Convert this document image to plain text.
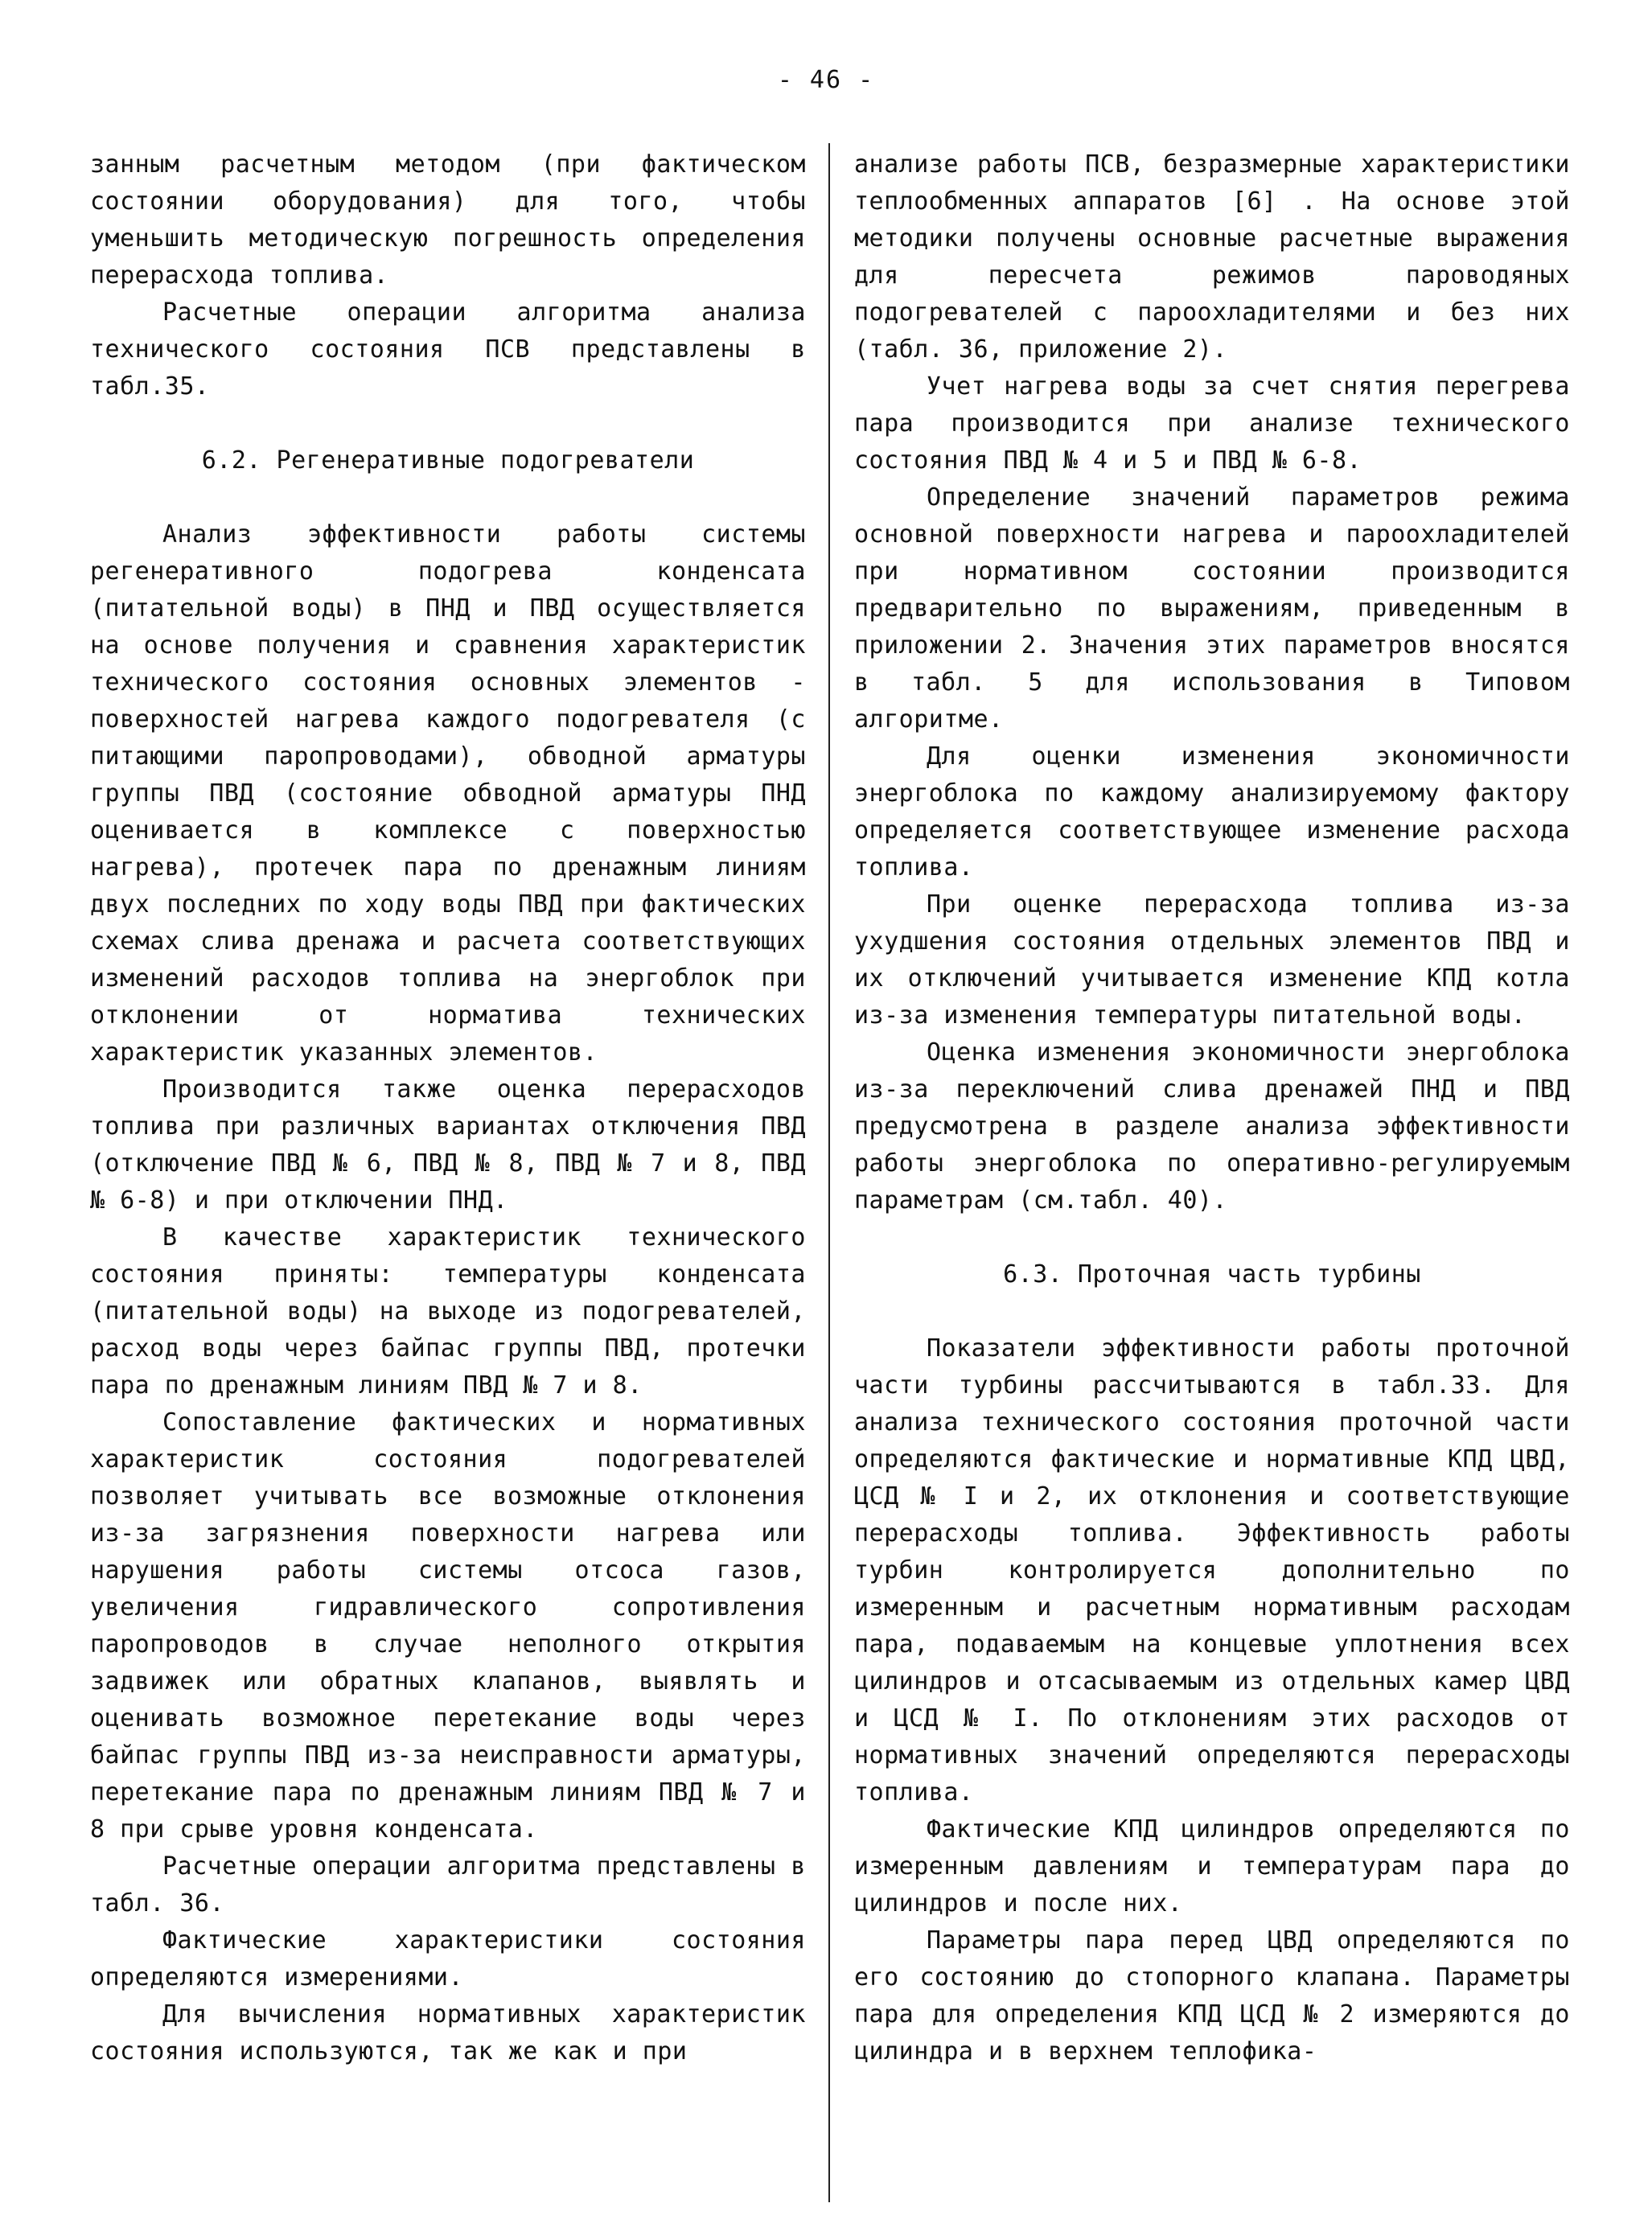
- 46 -

занным расчетным методом (при фактическом состоянии оборудования) для того, чтобы уменьшить методическую погрешность определения перерасхода топлива.

Расчетные операции алгоритма анализа технического состояния ПСВ представлены в табл.35.

6.2. Регенеративные подогреватели

Анализ эффективности работы системы регенеративного подогрева конденсата (питательной воды) в ПНД и ПВД осуществляется на основе получения и сравнения характеристик технического состояния основных элементов - поверхностей нагрева каждого подогревателя (с питающими паропроводами), обводной арматуры группы ПВД (состояние обводной арматуры ПНД оценивается в комплексе с поверхностью нагрева), протечек пара по дренажным линиям двух последних по ходу воды ПВД при фактических схемах слива дренажа и расчета соответствующих изменений расходов топлива на энергоблок при отклонении от норматива технических характеристик указанных элементов.

Производится также оценка перерасходов топлива при различных вариантах отключения ПВД (отключение ПВД № 6, ПВД № 8, ПВД № 7 и 8, ПВД № 6-8) и при отключении ПНД.

В качестве характеристик технического состояния приняты: температуры конденсата (питательной воды) на выходе из подогревателей, расход воды через байпас группы ПВД, протечки пара по дренажным линиям ПВД № 7 и 8.

Сопоставление фактических и нормативных характеристик состояния подогревателей позволяет учитывать все возможные отклонения из-за загрязнения поверхности нагрева или нарушения работы системы отсоса газов, увеличения гидравлического сопротивления паропроводов в случае неполного открытия задвижек или обратных клапанов, выявлять и оценивать возможное перетекание воды через байпас группы ПВД из-за неисправности арматуры, перетекание пара по дренажным линиям ПВД № 7 и 8 при срыве уровня конденсата.

Расчетные операции алгоритма представлены в табл. 36.

Фактические характеристики состояния определяются измерениями.

Для вычисления нормативных характеристик состояния используются, так же как и при

анализе работы ПСВ, безразмерные характеристики теплообменных аппаратов [6] . На основе этой методики получены основные расчетные выражения для пересчета режимов пароводяных подогревателей с пароохладителями и без них (табл. 36, приложение 2).

Учет нагрева воды за счет снятия перегрева пара производится при анализе технического состояния ПВД № 4 и 5 и ПВД № 6-8.

Определение значений параметров режима основной поверхности нагрева и пароохладителей при нормативном состоянии производится предварительно по выражениям, приведенным в приложении 2. Значения этих параметров вносятся в табл. 5 для использования в Типовом алгоритме.

Для оценки изменения экономичности энергоблока по каждому анализируемому фактору определяется соответствующее изменение расхода топлива.

При оценке перерасхода топлива из-за ухудшения состояния отдельных элементов ПВД и их отключений учитывается изменение КПД котла из-за изменения температуры питательной воды.

Оценка изменения экономичности энергоблока из-за переключений слива дренажей ПНД и ПВД предусмотрена в разделе анализа эффективности работы энергоблока по оперативно-регулируемым параметрам (см.табл. 40).

6.3. Проточная часть турбины

Показатели эффективности работы проточной части турбины рассчитываются в табл.33. Для анализа технического состояния проточной части определяются фактические и нормативные КПД ЦВД, ЦСД № I и 2, их отклонения и соответствующие перерасходы топлива. Эффективность работы турбин контролируется дополнительно по измеренным и расчетным нормативным расходам пара, подаваемым на концевые уплотнения всех цилиндров и отсасываемым из отдельных камер ЦВД и ЦСД № I. По отклонениям этих расходов от нормативных значений определяются перерасходы топлива.

Фактические КПД цилиндров определяются по измеренным давлениям и температурам пара до цилиндров и после них.

Параметры пара перед ЦВД определяются по его состоянию до стопорного клапана. Параметры пара для определения КПД ЦСД № 2 измеряются до цилиндра и в верхнем теплофика-
